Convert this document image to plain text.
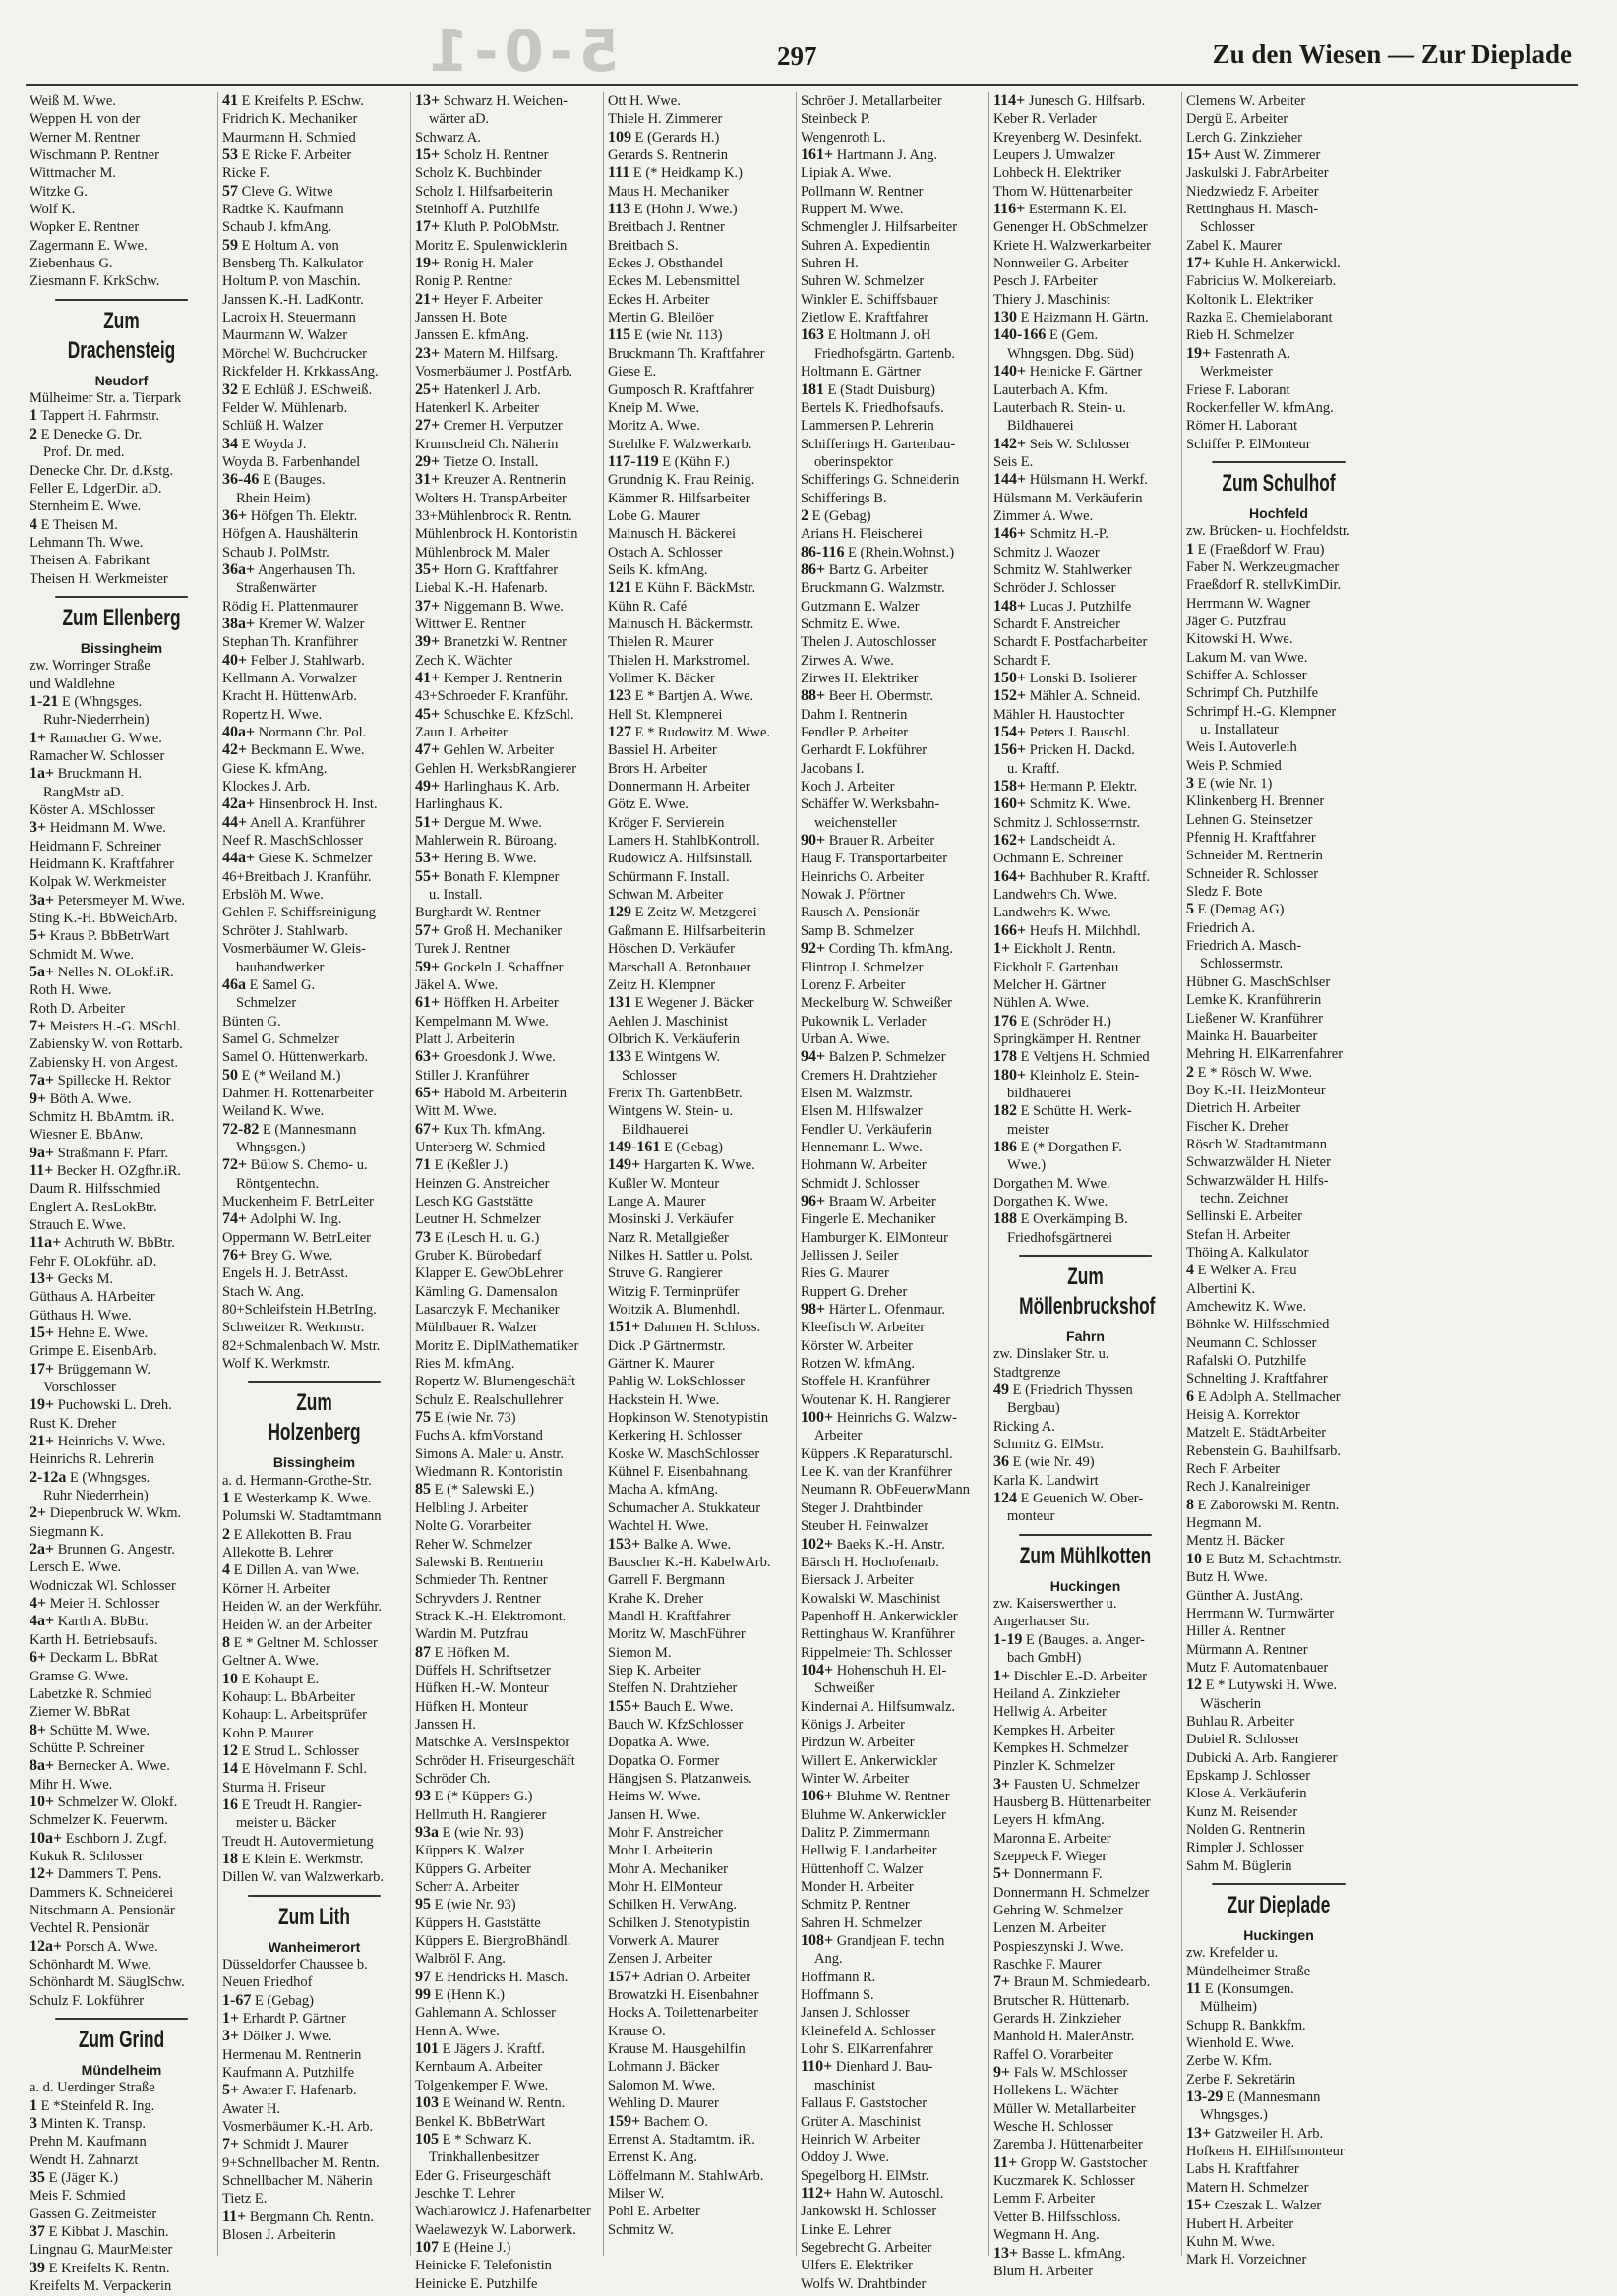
5-0-1	297	Zu den Wiesen — Zur Dieplade
Weiß M. Wwe.
Weppen H. von der
Werner M. Rentner
Wischmann P. Rentner
Wittmacher M.
Witzke G.
Wolf K.
Wopker E. Rentner
Zagermann E. Wwe.
Ziebenhaus G.
Ziesmann F. KrkSchw.
Zum Drachensteig
Neudorf
Mülheimer Str. a. Tierpark
1 Tappert H. Fahrmstr.
2 E Denecke G. Dr.
Prof. Dr. med.
Denecke Chr. Dr. d.Kstg.
Feller E. LdgerDir. aD.
Sternheim E. Wwe.
4 E Theisen M.
Lehmann Th. Wwe.
Theisen A. Fabrikant
Theisen H. Werkmeister
Zum Ellenberg
Bissingheim
zw. Worringer Straße
und Waldlehne
1-21 E (Whngsges.
Ruhr-Niederrhein)
1+ Ramacher G. Wwe.
Ramacher W. Schlosser
1a+ Bruckmann H.
RangMstr aD.
Köster A. MSchlosser
3+ Heidmann M. Wwe.
Heidmann F. Schreiner
Heidmann K. Kraftfahrer
Kolpak W. Werkmeister
3a+ Petersmeyer M. Wwe.
Sting K.-H. BbWeichArb.
5+ Kraus P. BbBetrWart
Schmidt M. Wwe.
5a+ Nelles N. OLokf.iR.
Roth H. Wwe.
Roth D. Arbeiter
7+ Meisters H.-G. MSchl.
Zabiensky W. von Rottarb.
Zabiensky H. von Angest.
7a+ Spillecke H. Rektor
9+ Böth A. Wwe.
Schmitz H. BbAmtm. iR.
Wiesner E. BbAnw.
9a+ Straßmann F. Pfarr.
11+ Becker H. OZgfhr.iR.
Daum R. Hilfsschmied
Englert A. ResLokBtr.
Strauch E. Wwe.
11a+ Achtruth W. BbBtr.
Fehr F. OLokführ. aD.
13+ Gecks M.
Güthaus A. HArbeiter
Güthaus H. Wwe.
15+ Hehne E. Wwe.
Grimpe E. EisenbArb.
17+ Brüggemann W.
Vorschlosser
19+ Puchowski L. Dreh.
Rust K. Dreher
21+ Heinrichs V. Wwe.
Heinrichs R. Lehrerin
2-12a E (Whngsges.
Ruhr Niederrhein)
2+ Diepenbruck W. Wkm.
Siegmann K.
2a+ Brunnen G. Angestr.
Lersch E. Wwe.
Wodniczak Wl. Schlosser
4+ Meier H. Schlosser
4a+ Karth A. BbBtr.
Karth H. Betriebsaufs.
6+ Deckarm L. BbRat
Gramse G. Wwe.
Labetzke R. Schmied
Ziemer W. BbRat
8+ Schütte M. Wwe.
Schütte P. Schreiner
8a+ Bernecker A. Wwe.
Mihr H. Wwe.
10+ Schmelzer W. Olokf.
Schmelzer K. Feuerwm.
10a+ Eschborn J. Zugf.
Kukuk R. Schlosser
12+ Dammers T. Pens.
Dammers K. Schneiderei
Nitschmann A. Pensionär
Vechtel R. Pensionär
12a+ Porsch A. Wwe.
Schönhardt M. Wwe.
Schönhardt M. SäuglSchw.
Schulz F. Lokführer
Zum Grind
Mündelheim
a. d. Uerdinger Straße
1 E *Steinfeld R. Ing.
3 Minten K. Transp.
Prehn M. Kaufmann
Wendt H. Zahnarzt
35 E (Jäger K.)
Meis F. Schmied
Gassen G. Zeitmeister
37 E Kibbat J. Maschin.
Lingnau G. MaurMeister
39 E Kreifelts K. Rentn.
Kreifelts M. Verpackerin
41 E Kreifelts P. ESchw.
Fridrich K. Mechaniker
Maurmann H. Schmied
53 E Ricke F. Arbeiter
Ricke F.
57 Cleve G. Witwe
Radtke K. Kaufmann
Schaub J. kfmAng.
59 E Holtum A. von
Bensberg Th. Kalkulator
Holtum P. von Maschin.
Janssen K.-H. LadKontr.
Lacroix H. Steuermann
Maurmann W. Walzer
Mörchel W. Buchdrucker
Rickfelder H. KrkkassAng.
32 E Echlüß J. ESchweiß.
Felder W. Mühlenarb.
Schlüß H. Walzer
34 E Woyda J.
Woyda B. Farbenhandel
36-46 E (Bauges.
Rhein Heim)
36+ Höfgen Th. Elektr.
Höfgen A. Haushälterin
Schaub J. PolMstr.
36a+ Angerhausen Th.
Straßenwärter
Rödig H. Plattenmaurer
38a+ Kremer W. Walzer
Stephan Th. Kranführer
40+ Felber J. Stahlwarb.
Kellmann A. Vorwalzer
Kracht H. HüttenwArb.
Ropertz H. Wwe.
40a+ Normann Chr. Pol.
42+ Beckmann E. Wwe.
Giese K. kfmAng.
Klockes J. Arb.
42a+ Hinsenbrock H. Inst.
44+ Anell A. Kranführer
Neef R. MaschSchlosser
44a+ Giese K. Schmelzer
46+Breitbach J. Kranführ.
Erbslöh M. Wwe.
Gehlen F. Schiffsreinigung
Schröter J. Stahlwarb.
Vosmerbäumer W. Gleis-
bauhandwerker
46a E Samel G.
Schmelzer
Bünten G.
Samel G. Schmelzer
Samel O. Hüttenwerkarb.
50 E (* Weiland M.)
Dahmen H. Rottenarbeiter
Weiland K. Wwe.
72-82 E (Mannesmann
Whngsgen.)
72+ Bülow S. Chemo- u.
Röntgentechn.
Muckenheim F. BetrLeiter
74+ Adolphi W. Ing.
Oppermann W. BetrLeiter
76+ Brey G. Wwe.
Engels H. J. BetrAsst.
Stach W. Ang.
80+Schleifstein H.BetrIng.
Schweitzer R. Werkmstr.
82+Schmalenbach W. Mstr.
Wolf K. Werkmstr.
Zum Holzenberg
Bissingheim
a. d. Hermann-Grothe-Str.
1 E Westerkamp K. Wwe.
Polumski W. Stadtamtmann
2 E Allekotten B. Frau
Allekotte B. Lehrer
4 E Dillen A. van Wwe.
Körner H. Arbeiter
Heiden W. an der Werkführ.
Heiden W. an der Arbeiter
8 E * Geltner M. Schlosser
Geltner A. Wwe.
10 E Kohaupt E.
Kohaupt L. BbArbeiter
Kohaupt L. Arbeitsprüfer
Kohn P. Maurer
12 E Strud L. Schlosser
14 E Hövelmann F. Schl.
Sturma H. Friseur
16 E Treudt H. Rangier-
meister u. Bäcker
Treudt H. Autovermietung
18 E Klein E. Werkmstr.
Dillen W. van Walzwerkarb.
Zum Lith
Wanheimerort
Düsseldorfer Chaussee b.
Neuen Friedhof
1-67 E (Gebag)
1+ Erhardt P. Gärtner
3+ Dölker J. Wwe.
Hermenau M. Rentnerin
Kaufmann A. Putzhilfe
5+ Awater F. Hafenarb.
Awater H.
Vosmerbäumer K.-H. Arb.
7+ Schmidt J. Maurer
9+Schnellbacher M. Rentn.
Schnellbacher M. Näherin
Tietz E.
11+ Bergmann Ch. Rentn.
Blosen J. Arbeiterin
13+ Schwarz H. Weichen-
wärter aD.
Schwarz A.
15+ Scholz H. Rentner
Scholz K. Buchbinder
Scholz I. Hilfsarbeiterin
Steinhoff A. Putzhilfe
17+ Kluth P. PolObMstr.
Moritz E. Spulenwicklerin
19+ Ronig H. Maler
Ronig P. Rentner
21+ Heyer F. Arbeiter
Janssen H. Bote
Janssen E. kfmAng.
23+ Matern M. Hilfsarg.
Vosmerbäumer J. PostfArb.
25+ Hatenkerl J. Arb.
Hatenkerl K. Arbeiter
27+ Cremer H. Verputzer
Krumscheid Ch. Näherin
29+ Tietze O. Install.
31+ Kreuzer A. Rentnerin
Wolters H. TranspArbeiter
33+Mühlenbrock R. Rentn.
Mühlenbrock H. Kontoristin
Mühlenbrock M. Maler
35+ Horn G. Kraftfahrer
Liebal K.-H. Hafenarb.
37+ Niggemann B. Wwe.
Wittwer E. Rentner
39+ Branetzki W. Rentner
Zech K. Wächter
41+ Kemper J. Rentnerin
43+Schroeder F. Kranführ.
45+ Schuschke E. KfzSchl.
Zaun J. Arbeiter
47+ Gehlen W. Arbeiter
Gehlen H. WerksbRangierer
49+ Harlinghaus K. Arb.
Harlinghaus K.
51+ Dergue M. Wwe.
Mahlerwein R. Büroang.
53+ Hering B. Wwe.
55+ Bonath F. Klempner
u. Install.
Burghardt W. Rentner
57+ Groß H. Mechaniker
Turek J. Rentner
59+ Gockeln J. Schaffner
Jäkel A. Wwe.
61+ Höffken H. Arbeiter
Kempelmann M. Wwe.
Platt J. Arbeiterin
63+ Groesdonk J. Wwe.
Stiller J. Kranführer
65+ Häbold M. Arbeiterin
Witt M. Wwe.
67+ Kux Th. kfmAng.
Unterberg W. Schmied
71 E (Keßler J.)
Heinzen G. Anstreicher
Lesch KG Gaststätte
Leutner H. Schmelzer
73 E (Lesch H. u. G.)
Gruber K. Bürobedarf
Klapper E. GewObLehrer
Kämling G. Damensalon
Lasarczyk F. Mechaniker
Mühlbauer R. Walzer
Moritz E. DiplMathematiker
Ries M. kfmAng.
Ropertz W. Blumengeschäft
Schulz E. Realschullehrer
75 E (wie Nr. 73)
Fuchs A. kfmVorstand
Simons A. Maler u. Anstr.
Wiedmann R. Kontoristin
85 E (* Salewski E.)
Helbling J. Arbeiter
Nolte G. Vorarbeiter
Reher W. Schmelzer
Salewski B. Rentnerin
Schmieder Th. Rentner
Schryvders J. Rentner
Strack K.-H. Elektromont.
Wardin M. Putzfrau
87 E Höfken M.
Düffels H. Schriftsetzer
Hüfken H.-W. Monteur
Hüfken H. Monteur
Janssen H.
Matschke A. VersInspektor
Schröder H. Friseurgeschäft
Schröder Ch.
93 E (* Küppers G.)
Hellmuth H. Rangierer
93a E (wie Nr. 93)
Küppers K. Walzer
Küppers G. Arbeiter
Scherr A. Arbeiter
95 E (wie Nr. 93)
Küppers H. Gaststätte
Küppers E. BiergroBhändl.
Walbröl F. Ang.
97 E Hendricks H. Masch.
99 E (Henn K.)
Gahlemann A. Schlosser
Henn A. Wwe.
101 E Jägers J. Kraftf.
Kernbaum A. Arbeiter
Tolgenkemper F. Wwe.
103 E Weinand W. Rentn.
Benkel K. BbBetrWart
105 E * Schwarz K.
Trinkhallenbesitzer
Eder G. Friseurgeschäft
Jeschke T. Lehrer
Wachlarowicz J. Hafenarbeiter
Waelawezyk W. Laborwerk.
107 E (Heine J.)
Heinicke F. Telefonistin
Heinicke E. Putzhilfe
Ott H. Wwe.
Thiele H. Zimmerer
109 E (Gerards H.)
Gerards S. Rentnerin
111 E (* Heidkamp K.)
Maus H. Mechaniker
113 E (Hohn J. Wwe.)
Breitbach J. Rentner
Breitbach S.
Eckes J. Obsthandel
Eckes M. Lebensmittel
Eckes H. Arbeiter
Mertin G. Bleilöer
115 E (wie Nr. 113)
Bruckmann Th. Kraftfahrer
Giese E.
Gumposch R. Kraftfahrer
Kneip M. Wwe.
Moritz A. Wwe.
Strehlke F. Walzwerkarb.
117-119 E (Kühn F.)
Grundnig K. Frau Reinig.
Kämmer R. Hilfsarbeiter
Lobe G. Maurer
Mainusch H. Bäckerei
Ostach A. Schlosser
Seils K. kfmAng.
121 E Kühn F. BäckMstr.
Kühn R. Café
Mainusch H. Bäckermstr.
Thielen R. Maurer
Thielen H. Markstromel.
Vollmer K. Bäcker
123 E * Bartjen A. Wwe.
Hell St. Klempnerei
127 E * Rudowitz M. Wwe.
Bassiel H. Arbeiter
Brors H. Arbeiter
Donnermann H. Arbeiter
Götz E. Wwe.
Kröger F. Servierein
Lamers H. StahlbKontroll.
Rudowicz A. Hilfsinstall.
Schürmann F. Install.
Schwan M. Arbeiter
129 E Zeitz W. Metzgerei
Gaßmann E. Hilfsarbeiterin
Höschen D. Verkäufer
Marschall A. Betonbauer
Zeitz H. Klempner
131 E Wegener J. Bäcker
Aehlen J. Maschinist
Olbrich K. Verkäuferin
133 E Wintgens W.
Schlosser
Frerix Th. GartenbBetr.
Wintgens W. Stein- u.
Bildhauerei
149-161 E (Gebag)
149+ Hargarten K. Wwe.
Kußler W. Monteur
Lange A. Maurer
Mosinski J. Verkäufer
Narz R. Metallgießer
Nilkes H. Sattler u. Polst.
Struve G. Rangierer
Witzig F. Terminprüfer
Woitzik A. Blumenhdl.
151+ Dahmen H. Schloss.
Dick .P Gärtnermstr.
Gärtner K. Maurer
Pahlig W. LokSchlosser
Hackstein H. Wwe.
Hopkinson W. Stenotypistin
Kerkering H. Schlosser
Koske W. MaschSchlosser
Kühnel F. Eisenbahnang.
Macha A. kfmAng.
Schumacher A. Stukkateur
Wachtel H. Wwe.
153+ Balke A. Wwe.
Bauscher K.-H. KabelwArb.
Garrell F. Bergmann
Krahe K. Dreher
Mandl H. Kraftfahrer
Moritz W. MaschFührer
Siemon M.
Siep K. Arbeiter
Steffen N. Drahtzieher
155+ Bauch E. Wwe.
Bauch W. KfzSchlosser
Dopatka A. Wwe.
Dopatka O. Former
Hängjsen S. Platzanweis.
Heims W. Wwe.
Jansen H. Wwe.
Mohr F. Anstreicher
Mohr I. Arbeiterin
Mohr A. Mechaniker
Mohr H. ElMonteur
Schilken H. VerwAng.
Schilken J. Stenotypistin
Vorwerk A. Maurer
Zensen J. Arbeiter
157+ Adrian O. Arbeiter
Browatzki H. Eisenbahner
Hocks A. Toilettenarbeiter
Krause O.
Krause M. Hausgehilfin
Lohmann J. Bäcker
Salomon M. Wwe.
Wehling D. Maurer
159+ Bachem O.
Errenst A. Stadtamtm. iR.
Errenst K. Ang.
Löffelmann M. StahlwArb.
Milser W.
Pohl E. Arbeiter
Schmitz W.
Schröer J. Metallarbeiter
Steinbeck P.
Wengenroth L.
161+ Hartmann J. Ang.
Lipiak A. Wwe.
Pollmann W. Rentner
Ruppert M. Wwe.
Schmengler J. Hilfsarbeiter
Suhren A. Expedientin
Suhren H.
Suhren W. Schmelzer
Winkler E. Schiffsbauer
Zietlow E. Kraftfahrer
163 E Holtmann J. oH
Friedhofsgärtn. Gartenb.
Holtmann E. Gärtner
181 E (Stadt Duisburg)
Bertels K. Friedhofsaufs.
Lammersen P. Lehrerin
Schifferings H. Gartenbau-
oberinspektor
Schifferings G. Schneiderin
Schifferings B.
2 E (Gebag)
Arians H. Fleischerei
86-116 E (Rhein.Wohnst.)
86+ Bartz G. Arbeiter
Bruckmann G. Walzmstr.
Gutzmann E. Walzer
Schmitz E. Wwe.
Thelen J. Autoschlosser
Zirwes A. Wwe.
Zirwes H. Elektriker
88+ Beer H. Obermstr.
Dahm I. Rentnerin
Fendler P. Arbeiter
Gerhardt F. Lokführer
Jacobans I.
Koch J. Arbeiter
Schäffer W. Werksbahn-
weichensteller
90+ Brauer R. Arbeiter
Haug F. Transportarbeiter
Heinrichs O. Arbeiter
Nowak J. Pförtner
Rausch A. Pensionär
Samp B. Schmelzer
92+ Cording Th. kfmAng.
Flintrop J. Schmelzer
Lorenz F. Arbeiter
Meckelburg W. Schweißer
Pukownik L. Verlader
Urban A. Wwe.
94+ Balzen P. Schmelzer
Cremers H. Drahtzieher
Elsen M. Walzmstr.
Elsen M. Hilfswalzer
Fendler U. Verkäuferin
Hennemann L. Wwe.
Hohmann W. Arbeiter
Schmidt J. Schlosser
96+ Braam W. Arbeiter
Fingerle E. Mechaniker
Hamburger K. ElMonteur
Jellissen J. Seiler
Ries G. Maurer
Ruppert G. Dreher
98+ Härter L. Ofenmaur.
Kleefisch W. Arbeiter
Körster W. Arbeiter
Rotzen W. kfmAng.
Stoffele H. Kranführer
Woutenar K. H. Rangierer
100+ Heinrichs G. Walzw-
Arbeiter
Küppers .K Reparaturschl.
Lee K. van der Kranführer
Neumann R. ObFeuerwMann
Steger J. Drahtbinder
Steuber H. Feinwalzer
102+ Baeks K.-H. Anstr.
Bärsch H. Hochofenarb.
Biersack J. Arbeiter
Kowalski W. Maschinist
Papenhoff H. Ankerwickler
Rettinghaus W. Kranführer
Rippelmeier Th. Schlosser
104+ Hohenschuh H. El-
Schweißer
Kindernai A. Hilfsumwalz.
Königs J. Arbeiter
Pirdzun W. Arbeiter
Willert E. Ankerwickler
Winter W. Arbeiter
106+ Bluhme W. Rentner
Bluhme W. Ankerwickler
Dalitz P. Zimmermann
Hellwig F. Landarbeiter
Hüttenhoff C. Walzer
Monder H. Arbeiter
Schmitz P. Rentner
Sahren H. Schmelzer
108+ Grandjean F. techn
Ang.
Hoffmann R.
Hoffmann S.
Jansen J. Schlosser
Kleinefeld A. Schlosser
Lohr S. ElKarrenfahrer
110+ Dienhard J. Bau-
maschinist
Fallaus F. Gaststocher
Grüter A. Maschinist
Heinrich W. Arbeiter
Oddoy J. Wwe.
Spegelborg H. ElMstr.
112+ Hahn W. Autoschl.
Jankowski H. Schlosser
Linke E. Lehrer
Segebrecht G. Arbeiter
Ulfers E. Elektriker
Wolfs W. Drahtbinder
114+ Junesch G. Hilfsarb.
Keber R. Verlader
Kreyenberg W. Desinfekt.
Leupers J. Umwalzer
Lohbeck H. Elektriker
Thom W. Hüttenarbeiter
116+ Estermann K. El.
Genenger H. ObSchmelzer
Kriete H. Walzwerkarbeiter
Nonnweiler G. Arbeiter
Pesch J. FArbeiter
Thiery J. Maschinist
130 E Haizmann H. Gärtn.
140-166 E (Gem.
Whngsgen. Dbg. Süd)
140+ Heinicke F. Gärtner
Lauterbach A. Kfm.
Lauterbach R. Stein- u.
Bildhauerei
142+ Seis W. Schlosser
Seis E.
144+ Hülsmann H. Werkf.
Hülsmann M. Verkäuferin
Zimmer A. Wwe.
146+ Schmitz H.-P.
Schmitz J. Waozer
Schmitz W. Stahlwerker
Schröder J. Schlosser
148+ Lucas J. Putzhilfe
Schardt F. Anstreicher
Schardt F. Postfacharbeiter
Schardt F.
150+ Lonski B. Isolierer
152+ Mähler A. Schneid.
Mähler H. Haustochter
154+ Peters J. Bauschl.
156+ Pricken H. Dackd.
u. Kraftf.
158+ Hermann P. Elektr.
160+ Schmitz K. Wwe.
Schmitz J. Schlosserrnstr.
162+ Landscheidt A.
Ochmann E. Schreiner
164+ Bachhuber R. Kraftf.
Landwehrs Ch. Wwe.
Landwehrs K. Wwe.
166+ Heufs H. Milchhdl.
1+ Eickholt J. Rentn.
Eickholt F. Gartenbau
Melcher H. Gärtner
Nühlen A. Wwe.
176 E (Schröder H.)
Springkämper H. Rentner
178 E Veltjens H. Schmied
180+ Kleinholz E. Stein-
bildhauerei
182 E Schütte H. Werk-
meister
186 E (* Dorgathen F.
Wwe.)
Dorgathen M. Wwe.
Dorgathen K. Wwe.
188 E Overkämping B.
Friedhofsgärtnerei
Zum Möllenbruckshof
Fahrn
zw. Dinslaker Str. u.
Stadtgrenze
49 E (Friedrich Thyssen
Bergbau)
Ricking A.
Schmitz G. ElMstr.
36 E (wie Nr. 49)
Karla K. Landwirt
124 E Geuenich W. Ober-
monteur
Zum Mühlkotten
Huckingen
zw. Kaiserswerther u.
Angerhauser Str.
1-19 E (Bauges. a. Anger-
bach GmbH)
1+ Dischler E.-D. Arbeiter
Heiland A. Zinkzieher
Hellwig A. Arbeiter
Kempkes H. Arbeiter
Kempkes H. Schmelzer
Pinzler K. Schmelzer
3+ Fausten U. Schmelzer
Hausberg B. Hüttenarbeiter
Leyers H. kfmAng.
Maronna E. Arbeiter
Szeppeck F. Wieger
5+ Donnermann F.
Donnermann H. Schmelzer
Gehring W. Schmelzer
Lenzen M. Arbeiter
Pospieszynski J. Wwe.
Raschke F. Maurer
7+ Braun M. Schmiedearb.
Brutscher R. Hüttenarb.
Gerards H. Zinkzieher
Manhold H. MalerAnstr.
Raffel O. Vorarbeiter
9+ Fals W. MSchlosser
Hollekens L. Wächter
Müller W. Metallarbeiter
Wesche H. Schlosser
Zaremba J. Hüttenarbeiter
11+ Gropp W. Gaststocher
Kuczmarek K. Schlosser
Lemm F. Arbeiter
Vetter B. Hilfsschloss.
Wegmann H. Ang.
13+ Basse L. kfmAng.
Blum H. Arbeiter
Clemens W. Arbeiter
Dergü E. Arbeiter
Lerch G. Zinkzieher
15+ Aust W. Zimmerer
Jaskulski J. FabrArbeiter
Niedzwiedz F. Arbeiter
Rettinghaus H. Masch-
Schlosser
Zabel K. Maurer
17+ Kuhle H. Ankerwickl.
Fabricius W. Molkereiarb.
Koltonik L. Elektriker
Razka E. Chemielaborant
Rieb H. Schmelzer
19+ Fastenrath A.
Werkmeister
Friese F. Laborant
Rockenfeller W. kfmAng.
Römer H. Laborant
Schiffer P. ElMonteur
Zum Schulhof
Hochfeld
zw. Brücken- u. Hochfeldstr.
1 E (Fraeßdorf W. Frau)
Faber N. Werkzeugmacher
Fraeßdorf R. stellvKimDir.
Herrmann W. Wagner
Jäger G. Putzfrau
Kitowski H. Wwe.
Lakum M. van Wwe.
Schiffer A. Schlosser
Schrimpf Ch. Putzhilfe
Schrimpf H.-G. Klempner
u. Installateur
Weis I. Autoverleih
Weis P. Schmied
3 E (wie Nr. 1)
Klinkenberg H. Brenner
Lehnen G. Steinsetzer
Pfennig H. Kraftfahrer
Schneider M. Rentnerin
Schneider R. Schlosser
Sledz F. Bote
5 E (Demag AG)
Friedrich A.
Friedrich A. Masch-
Schlossermstr.
Hübner G. MaschSchlser
Lemke K. Kranführerin
Ließener W. Kranführer
Mainka H. Bauarbeiter
Mehring H. ElKarrenfahrer
2 E * Rösch W. Wwe.
Boy K.-H. HeizMonteur
Dietrich H. Arbeiter
Fischer K. Dreher
Rösch W. Stadtamtmann
Schwarzwälder H. Nieter
Schwarzwälder H. Hilfs-
techn. Zeichner
Sellinski E. Arbeiter
Stefan H. Arbeiter
Thöing A. Kalkulator
4 E Welker A. Frau
Albertini K.
Amchewitz K. Wwe.
Böhnke W. Hilfsschmied
Neumann C. Schlosser
Rafalski O. Putzhilfe
Schnelting J. Kraftfahrer
6 E Adolph A. Stellmacher
Heisig A. Korrektor
Matzelt E. StädtArbeiter
Rebenstein G. Bauhilfsarb.
Rech F. Arbeiter
Rech J. Kanalreiniger
8 E Zaborowski M. Rentn.
Hegmann M.
Mentz H. Bäcker
10 E Butz M. Schachtmstr.
Butz H. Wwe.
Günther A. JustAng.
Herrmann W. Turmwärter
Hiller A. Rentner
Mürmann A. Rentner
Mutz F. Automatenbauer
12 E * Lutywski H. Wwe.
Wäscherin
Buhlau R. Arbeiter
Dubiel R. Schlosser
Dubicki A. Arb. Rangierer
Epskamp J. Schlosser
Klose A. Verkäuferin
Kunz M. Reisender
Nolden G. Rentnerin
Rimpler J. Schlosser
Sahm M. Büglerin
Zur Dieplade
Huckingen
zw. Krefelder u.
Mündelheimer Straße
11 E (Konsumgen.
Mülheim)
Schupp R. Bankkfm.
Wienhold E. Wwe.
Zerbe W. Kfm.
Zerbe F. Sekretärin
13-29 E (Mannesmann
Whngsges.)
13+ Gatzweiler H. Arb.
Hofkens H. ElHilfsmonteur
Labs H. Kraftfahrer
Matern H. Schmelzer
15+ Czeszak L. Walzer
Hubert H. Arbeiter
Kuhn M. Wwe.
Mark H. Vorzeichner
